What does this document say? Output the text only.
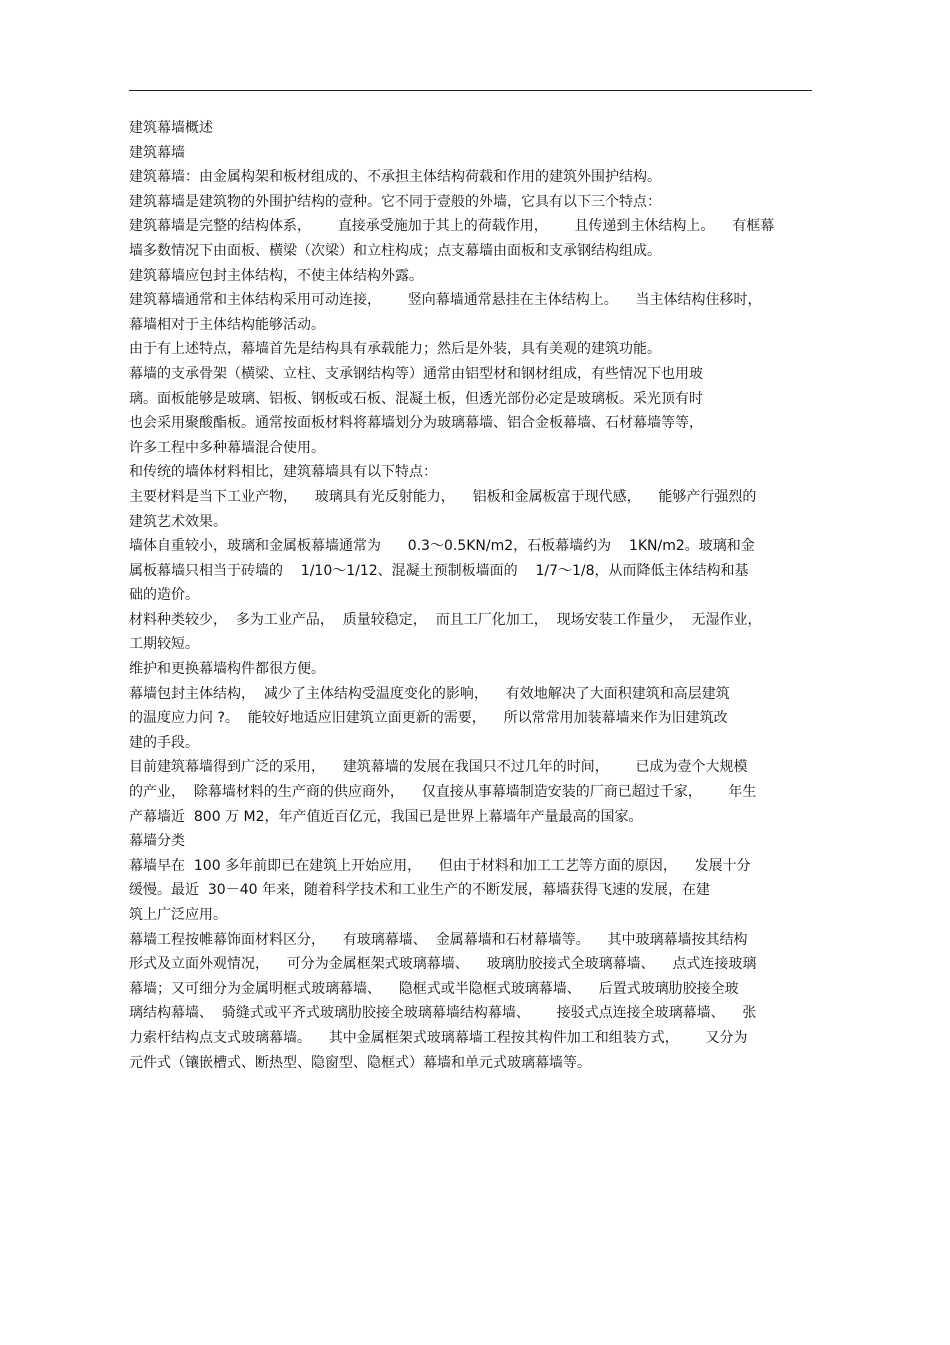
建筑幕墙概述
建筑幕墙
建筑幕墙：由金属构架和板材组成的、不承担主体结构荷载和作用的建筑外围护结构。
建筑幕墙是建筑物的外围护结构的壹种。它不同于壹般的外墙，它具有以下三个特点：
建筑幕墙是完整的结构体系，      直接承受施加于其上的荷载作用，      且传递到主休结构上。    有框幕
墙多数情况下由面板、横梁（次梁）和立柱构成；点支幕墙由面板和支承钢结构组成。
建筑幕墙应包封主体结构，不使主体结构外露。
建筑幕墙通常和主体结构采用可动连接，      竖向幕墙通常悬挂在主体结构上。    当主体结构住移时，
幕墙相对于主体结构能够活动。
由于有上述特点，幕墙首先是结构具有承载能力；然后是外装，具有美观的建筑功能。
幕墙的支承骨架（横梁、立柱、支承钢结构等）通常由铝型材和钢材组成，有些情况下也用玻
璃。面板能够是玻璃、铝板、钢板或石板、混凝土板，但透光部份必定是玻璃板。采光顶有时
也会采用聚酸酯板。通常按面板材料将幕墙划分为玻璃幕墙、铝合金板幕墙、石材幕墙等等，
许多工程中多种幕墙混合使用。
和传统的墙体材料相比，建筑幕墙具有以下特点：
主要材料是当下工业产物，    玻璃具有光反射能力，    铝板和金属板富于现代感，    能够产行强烈的
建筑艺术效果。
墙体自重较小，玻璃和金属板幕墙通常为      0.3～0.5KN/m2，石板幕墙约为    1KN/m2。玻璃和金
属板幕墙只相当于砖墙的    1/10～1/12、混凝土预制板墙面的    1/7～1/8，从而降低主体结构和基
础的造价。
材料种类较少，  多为工业产品，  质量较稳定，  而且工厂化加工，  现场安装工作量少，  无湿作业，
工期较短。
维护和更换幕墙构件都很方便。
幕墙包封主体结构，  减少了主体结构受温度变化的影响，    有效地解决了大面积建筑和高层建筑
的温度应力问 ?。  能较好地适应旧建筑立面更新的需要，    所以常常用加装幕墙来作为旧建筑改
建的手段。
目前建筑幕墙得到广泛的采用，    建筑幕墙的发展在我国只不过几年的时间，      已成为壹个大规模
的产业，  除幕墙材料的生产商的供应商外，    仅直接从事幕墙制造安装的厂商已超过千家，      年生
产幕墙近  800 万 M2，年产值近百亿元，我国已是世界上幕墙年产量最高的国家。
幕墙分类
幕墙早在  100 多年前即已在建筑上开始应用，    但由于材料和加工工艺等方面的原因，    发展十分
缓慢。最近  30－40 年来，随着科学技术和工业生产的不断发展，幕墙获得飞速的发展，在建
筑上广泛应用。
幕墙工程按帷幕饰面材料区分，    有玻璃幕墙、  金属幕墙和石材幕墙等。    其中玻璃幕墙按其结构
形式及立面外观情况，    可分为金属框架式玻璃幕墙、    玻璃肋胶接式全玻璃幕墙、    点式连接玻璃
幕墙；又可细分为金属明框式玻璃幕墙、    隐框式或半隐框式玻璃幕墙、    后置式玻璃肋胶接全玻
璃结构幕墙、  骑缝式或平齐式玻璃肋胶接全玻璃幕墙结构幕墙、      接驳式点连接全玻璃幕墙、    张
力索杆结构点支式玻璃幕墙。    其中金属框架式玻璃幕墙工程按其构件加工和组装方式，      又分为
元件式（镶嵌槽式、断热型、隐窗型、隐框式）幕墙和单元式玻璃幕墙等。
